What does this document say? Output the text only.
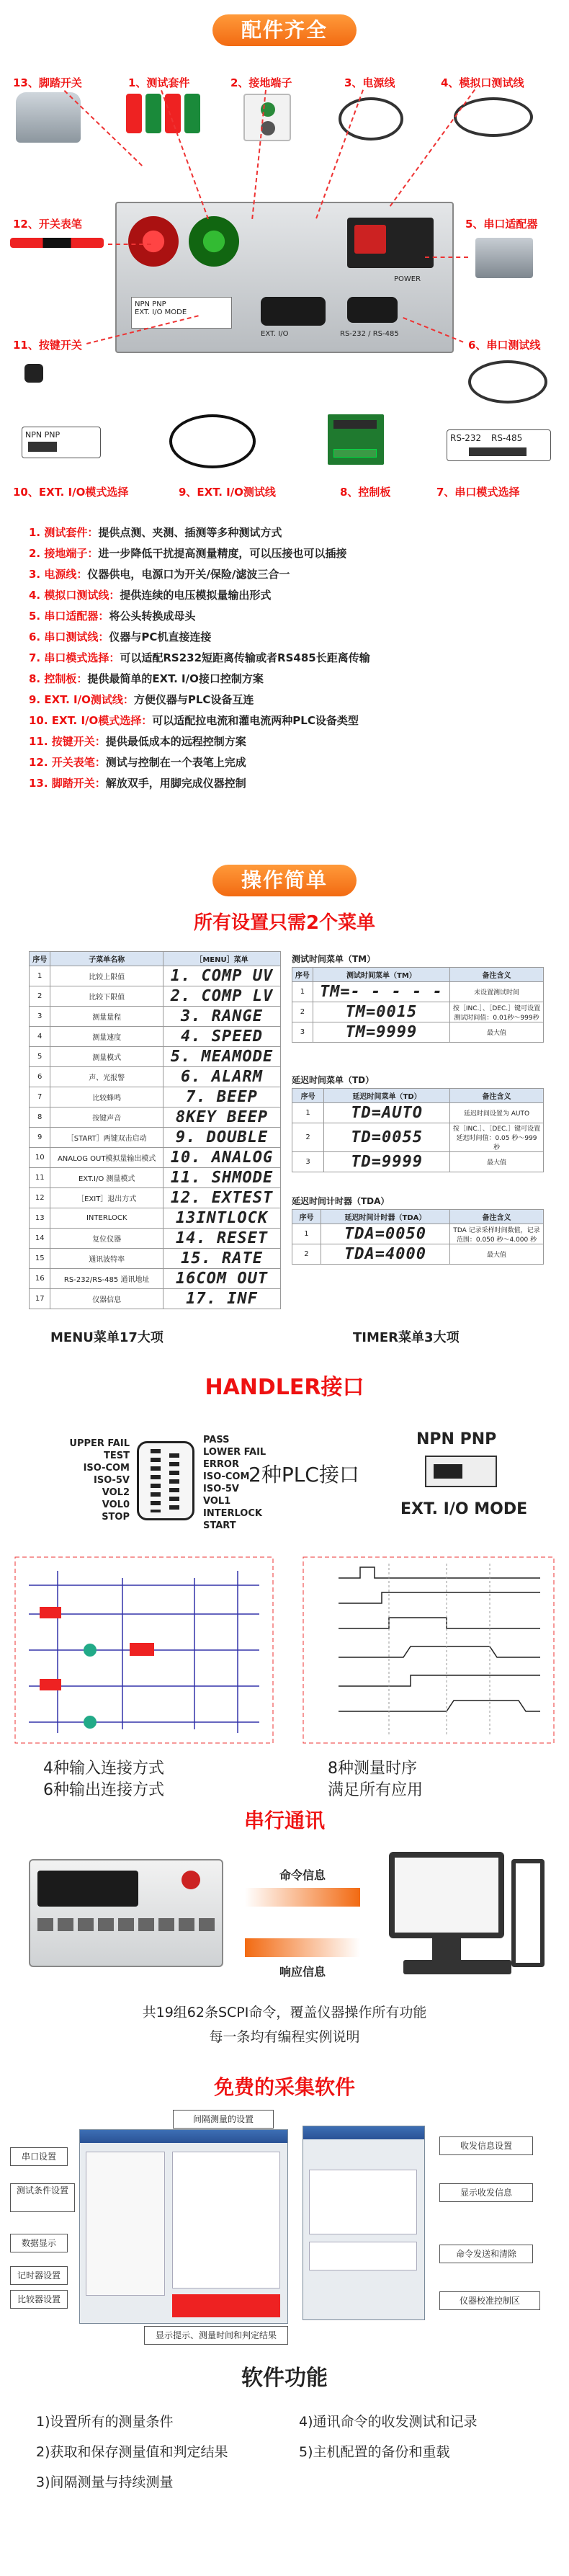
配件齐全
13、脚踏开关	1、测试套件	2、接地端子	3、电源线	4、模拟口测试线
12、开关表笔
11、按键开关
5、串口适配器
6、串口测试线
POWER
EXT. I/O	RS-232 / RS-485
NPN PNP
EXT. I/O MODE
NPN PNP	RS-232 RS-485
10、EXT. I/O模式选择	9、EXT. I/O测试线	8、控制板	7、串口模式选择
1. 测试套件：提供点测、夹测、插测等多种测试方式
2. 接地端子：进一步降低干扰提高测量精度，可以压接也可以插接
3. 电源线：仪器供电，电源口为开关/保险/滤波三合一
4. 模拟口测试线：提供连续的电压模拟量输出形式
5. 串口适配器：将公头转换成母头
6. 串口测试线：仪器与PC机直接连接
7. 串口模式选择：可以适配RS232短距离传输或者RS485长距离传输
8. 控制板：提供最简单的EXT. I/O接口控制方案
9. EXT. I/O测试线：方便仪器与PLC设备互连
10. EXT. I/O模式选择：可以适配拉电流和灌电流两种PLC设备类型
11. 按键开关：提供最低成本的远程控制方案
12. 开关表笔：测试与控制在一个表笔上完成
13. 脚踏开关：解放双手，用脚完成仪器控制
操作简单
所有设置只需2个菜单
序号	子菜单名称	［MENU］菜单
1	比较上限值	1. COMP UV
2	比较下限值	2. COMP LV
3	测量量程	3. RANGE
4	测量速度	4. SPEED
5	测量模式	5. MEAMODE
6	声、光报警	6. ALARM
7	比较蜂鸣	7. BEEP
8	按键声音	8KEY BEEP
9	［START］两键双击启动	9. DOUBLE
10	ANALOG OUT模拟量输出模式	10. ANALOG
11	EXT.I/O 测量模式	11. SHMODE
12	［EXIT］退出方式	12. EXTEST
13	INTERLOCK	13INTLOCK
14	复位仪器	14. RESET
15	通讯波特率	15. RATE
16	RS-232/RS-485 通讯地址	16COM OUT
17	仪器信息	17. INF
测试时间菜单（TM）
序号	测试时间菜单（TM）	备注含义
1	TM=- - - - -	未设置测试时间
2	TM=0015	按［INC.］、［DEC.］键可设置测试时间值：0.01秒～999秒
3	TM=9999	最大值
延迟时间菜单（TD）
序号	延迟时间菜单（TD）	备注含义
1	TD=AUTO	延迟时间设置为 AUTO
2	TD=0055	按［INC.］、［DEC.］键可设置延迟时间值：0.05 秒～999 秒
3	TD=9999	最大值
延迟时间计时器（TDA）
序号	延迟时间计时器（TDA）	备注含义
1	TDA=0050	TDA 记录采样时间数值，记录范围：0.050 秒～4.000 秒
2	TDA=4000	最大值
MENU菜单17大项	TIMER菜单3大项
HANDLER接口
UPPER FAIL
TEST
ISO-COM
ISO-5V
VOL2
VOL0
STOP
PASS
LOWER FAIL
ERROR
ISO-COM
ISO-5V
VOL1
INTERLOCK
START
2种PLC接口
NPN PNP
EXT. I/O MODE
4种输入连接方式
6种输出连接方式
8种测量时序
满足所有应用
串行通讯
命令信息
响应信息
共19组62条SCPI命令，覆盖仪器操作所有功能
每一条均有编程实例说明
免费的采集软件
串口设置
测试条件设置
数据显示
记时器设置
比较器设置
间隔测量的设置
显示提示、测量时间和判定结果
收发信息设置
显示收发信息
命令发送和清除
仪器校准控制区
软件功能
1)设置所有的测量条件
2)获取和保存测量值和判定结果
3)间隔测量与持续测量
4)通讯命令的收发测试和记录
5)主机配置的备份和重载
